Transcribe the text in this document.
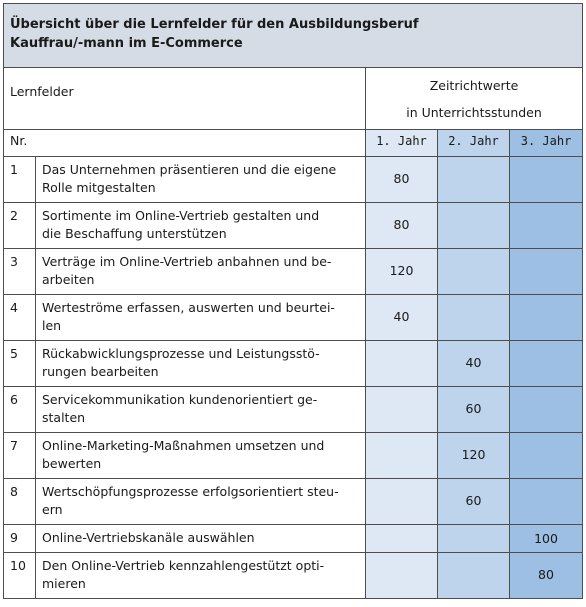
Übersicht über die Lernfelder für den Ausbildungsberuf
Kauffrau/-mann im E-Commerce				

Lernfelder		Zeitrichtwerte
in Unterrichtsstunden		

Nr.		1. Jahr	2. Jahr	3. Jahr
1	Das Unternehmen präsentieren und die eigene
Rolle mitgestalten	80		
2	Sortimente im Online-Vertrieb gestalten und
die Beschaffung unterstützen	80		
3	Verträge im Online-Vertrieb anbahnen und be-
arbeiten	120		
4	Werteströme erfassen, auswerten und beurtei-
len	40		
5	Rückabwicklungsprozesse und Leistungsstö-
rungen bearbeiten		40	
6	Servicekommunikation kundenorientiert ge-
stalten		60	
7	Online-Marketing-Maßnahmen umsetzen und
bewerten		120	
8	Wertschöpfungsprozesse erfolgsorientiert steu-
ern		60	
9	Online-Vertriebskanäle auswählen			100
10	Den Online-Vertrieb kennzahlengestützt opti-
mieren			80
